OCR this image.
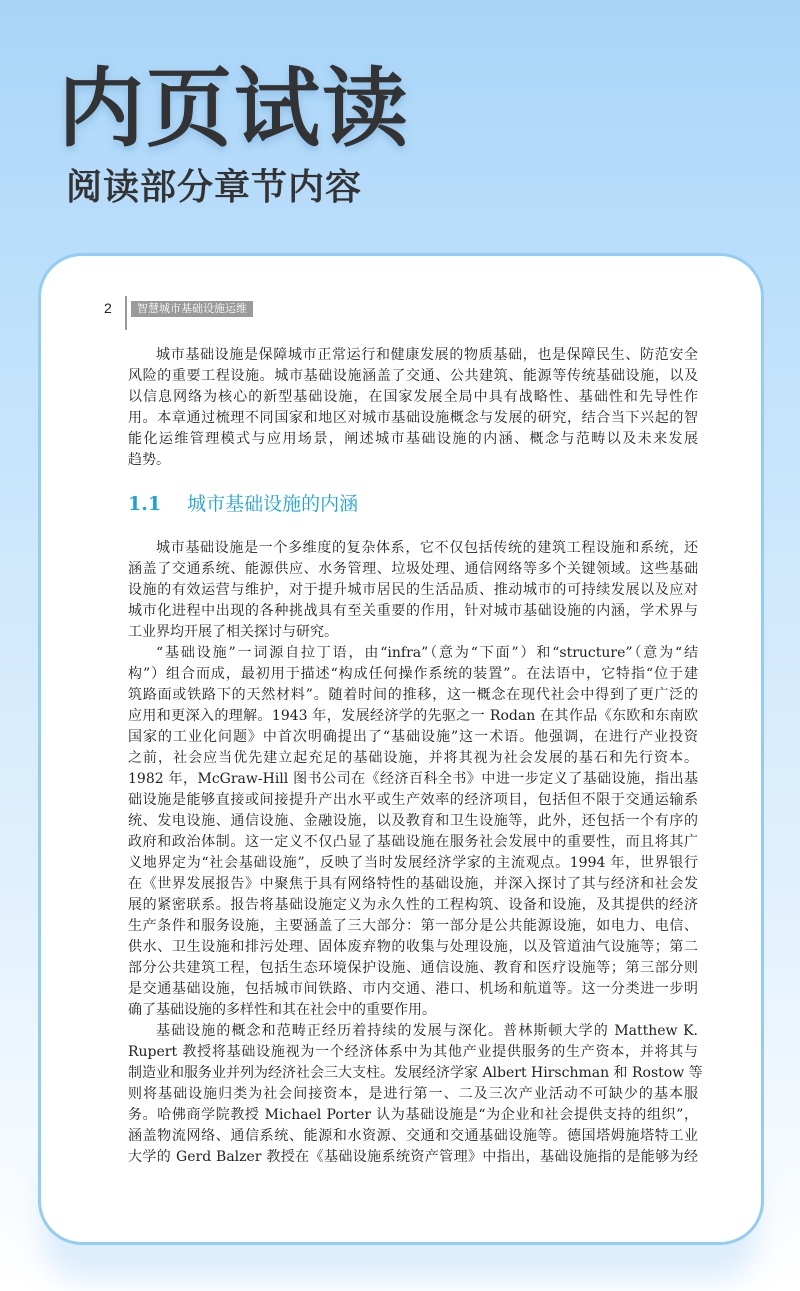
内页试读
阅读部分章节内容
2	智慧城市基础设施运维
城市基础设施是保障城市正常运行和健康发展的物质基础，也是保障民生、防范安全
风险的重要工程设施。城市基础设施涵盖了交通、公共建筑、能源等传统基础设施，以及
以信息网络为核心的新型基础设施，在国家发展全局中具有战略性、基础性和先导性作
用。本章通过梳理不同国家和地区对城市基础设施概念与发展的研究，结合当下兴起的智
能化运维管理模式与应用场景，阐述城市基础设施的内涵、概念与范畴以及未来发展
趋势。
1.1 城市基础设施的内涵
城市基础设施是一个多维度的复杂体系，它不仅包括传统的建筑工程设施和系统，还
涵盖了交通系统、能源供应、水务管理、垃圾处理、通信网络等多个关键领域。这些基础
设施的有效运营与维护，对于提升城市居民的生活品质、推动城市的可持续发展以及应对
城市化进程中出现的各种挑战具有至关重要的作用，针对城市基础设施的内涵，学术界与
工业界均开展了相关探讨与研究。
“基础设施”一词源自拉丁语，由“infra”（意为“下面”）和“structure”（意为“结
构”）组合而成，最初用于描述“构成任何操作系统的装置”。在法语中，它特指“位于建
筑路面或铁路下的天然材料”。随着时间的推移，这一概念在现代社会中得到了更广泛的
应用和更深入的理解。1943 年，发展经济学的先驱之一 Rodan 在其作品《东欧和东南欧
国家的工业化问题》中首次明确提出了“基础设施”这一术语。他强调，在进行产业投资
之前，社会应当优先建立起充足的基础设施，并将其视为社会发展的基石和先行资本。
1982 年，McGraw-Hill 图书公司在《经济百科全书》中进一步定义了基础设施，指出基
础设施是能够直接或间接提升产出水平或生产效率的经济项目，包括但不限于交通运输系
统、发电设施、通信设施、金融设施，以及教育和卫生设施等，此外，还包括一个有序的
政府和政治体制。这一定义不仅凸显了基础设施在服务社会发展中的重要性，而且将其广
义地界定为“社会基础设施”，反映了当时发展经济学家的主流观点。1994 年，世界银行
在《世界发展报告》中聚焦于具有网络特性的基础设施，并深入探讨了其与经济和社会发
展的紧密联系。报告将基础设施定义为永久性的工程构筑、设备和设施，及其提供的经济
生产条件和服务设施，主要涵盖了三大部分：第一部分是公共能源设施，如电力、电信、
供水、卫生设施和排污处理、固体废弃物的收集与处理设施，以及管道油气设施等；第二
部分公共建筑工程，包括生态环境保护设施、通信设施、教育和医疗设施等；第三部分则
是交通基础设施，包括城市间铁路、市内交通、港口、机场和航道等。这一分类进一步明
确了基础设施的多样性和其在社会中的重要作用。
基础设施的概念和范畴正经历着持续的发展与深化。普林斯顿大学的 Matthew K.
Rupert 教授将基础设施视为一个经济体系中为其他产业提供服务的生产资本，并将其与
制造业和服务业并列为经济社会三大支柱。发展经济学家 Albert Hirschman 和 Rostow 等
则将基础设施归类为社会间接资本，是进行第一、二及三次产业活动不可缺少的基本服
务。哈佛商学院教授 Michael Porter 认为基础设施是“为企业和社会提供支持的组织”，
涵盖物流网络、通信系统、能源和水资源、交通和交通基础设施等。德国塔姆施塔特工业
大学的 Gerd Balzer 教授在《基础设施系统资产管理》中指出，基础设施指的是能够为经
